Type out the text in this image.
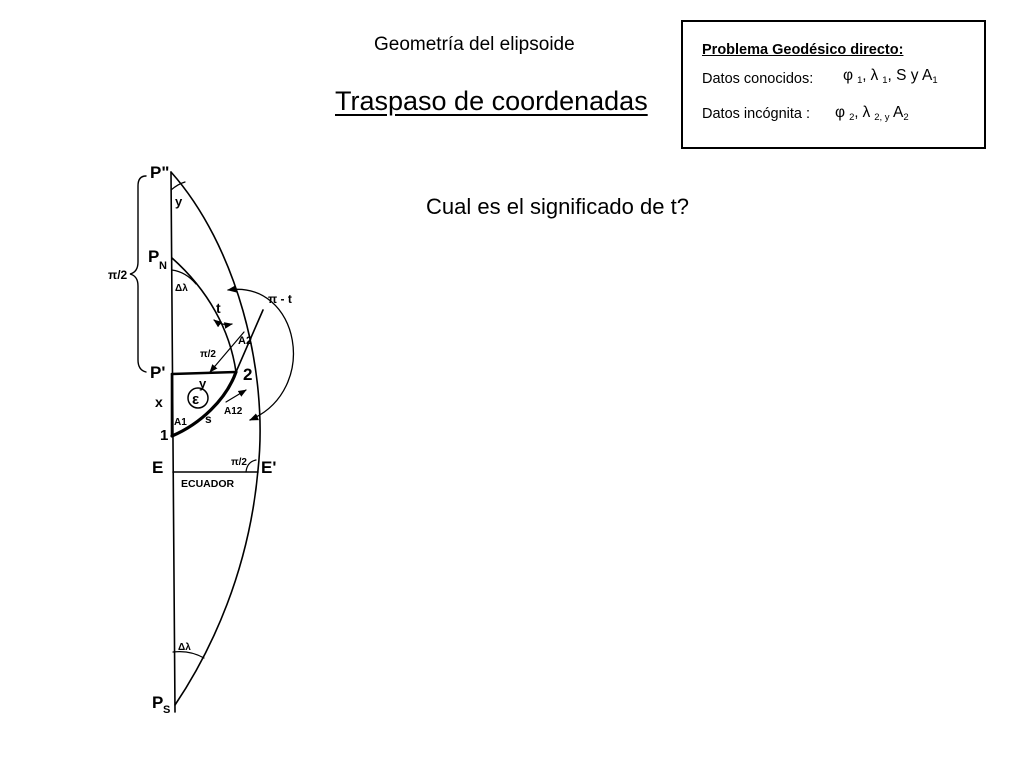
Geometría del elipsoide
Traspaso de coordenadas
Cual es el significado de t?
Problema Geodésico directo:
Datos conocidos: φ $_1$, λ $_1$, S y $A_1$
Datos incógnita : φ $_2$, λ $_{2, y}$ $A_2$
P"
y
π/2
P N
Δλ
t
π - t
π/2
A2
P'	2
y
x ε
A12
A1 s
1
E	π/2 E'
ECUADOR
Δλ
P S
